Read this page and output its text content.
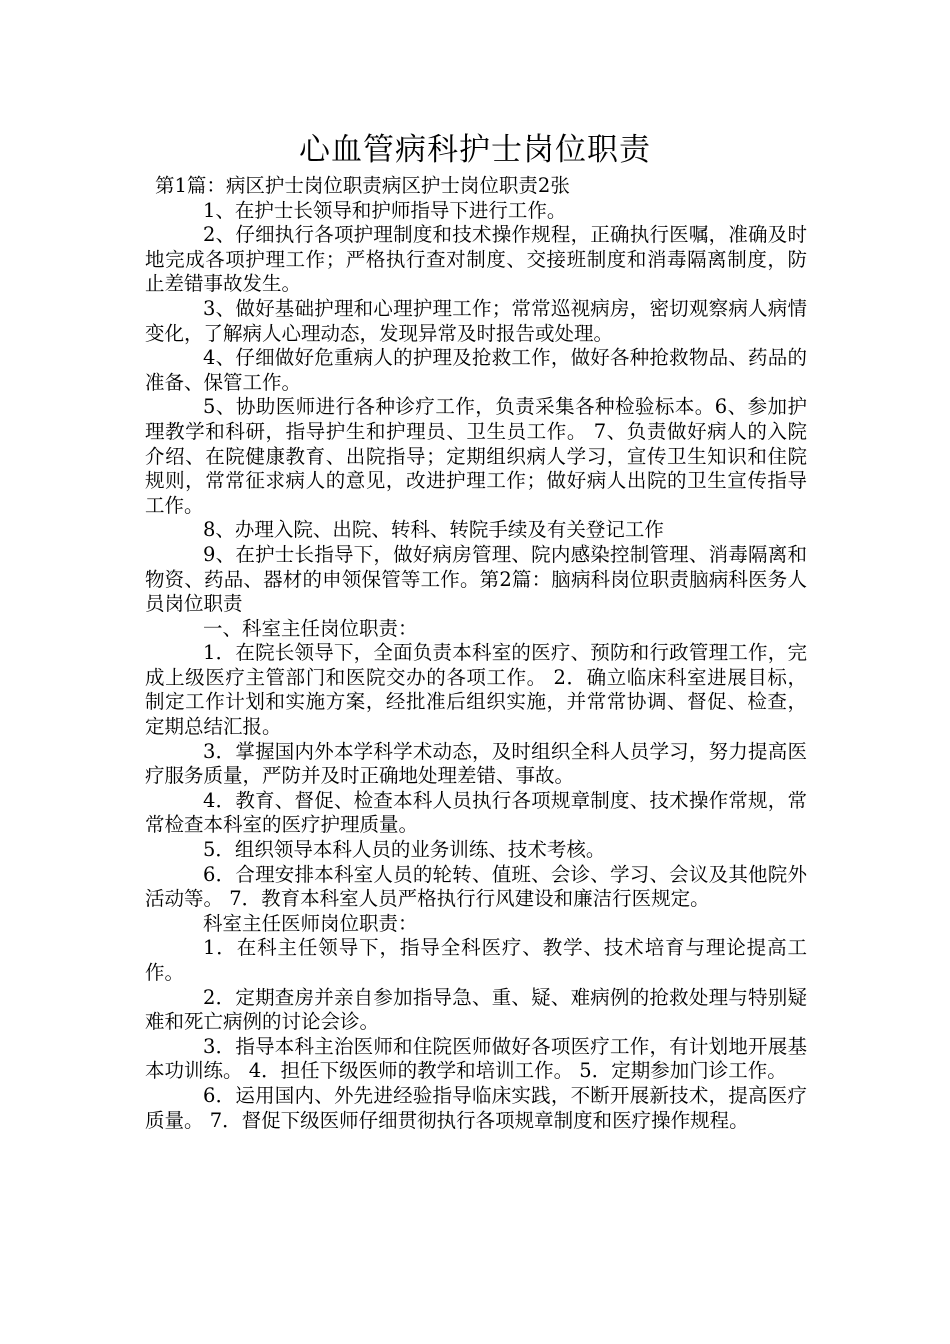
心血管病科护士岗位职责

第1篇：病区护士岗位职责病区护士岗位职责2张

1、在护士长领导和护师指导下进行工作。

2、仔细执行各项护理制度和技术操作规程，正确执行医嘱，准确及时地完成各项护理工作；严格执行查对制度、交接班制度和消毒隔离制度，防止差错事故发生。

3、做好基础护理和心理护理工作；常常巡视病房，密切观察病人病情变化，了解病人心理动态，发现异常及时报告或处理。

4、仔细做好危重病人的护理及抢救工作，做好各种抢救物品、药品的准备、保管工作。

5、协助医师进行各种诊疗工作，负责采集各种检验标本。6、参加护理教学和科研，指导护生和护理员、卫生员工作。 7、负责做好病人的入院介绍、在院健康教育、出院指导；定期组织病人学习，宣传卫生知识和住院规则，常常征求病人的意见，改进护理工作；做好病人出院的卫生宣传指导工作。

8、办理入院、出院、转科、转院手续及有关登记工作

9、在护士长指导下，做好病房管理、院内感染控制管理、消毒隔离和物资、药品、器材的申领保管等工作。第2篇：脑病科岗位职责脑病科医务人员岗位职责

一、科室主任岗位职责：

1．在院长领导下，全面负责本科室的医疗、预防和行政管理工作，完成上级医疗主管部门和医院交办的各项工作。 2．确立临床科室进展目标，制定工作计划和实施方案，经批准后组织实施，并常常协调、督促、检查，定期总结汇报。

3．掌握国内外本学科学术动态，及时组织全科人员学习，努力提高医疗服务质量，严防并及时正确地处理差错、事故。

4．教育、督促、检查本科人员执行各项规章制度、技术操作常规，常常检查本科室的医疗护理质量。

5．组织领导本科人员的业务训练、技术考核。

6．合理安排本科室人员的轮转、值班、会诊、学习、会议及其他院外活动等。 7．教育本科室人员严格执行行风建设和廉洁行医规定。

科室主任医师岗位职责：

1．在科主任领导下，指导全科医疗、教学、技术培育与理论提高工作。

2．定期查房并亲自参加指导急、重、疑、难病例的抢救处理与特别疑难和死亡病例的讨论会诊。

3．指导本科主治医师和住院医师做好各项医疗工作，有计划地开展基本功训练。 4．担任下级医师的教学和培训工作。 5．定期参加门诊工作。

6．运用国内、外先进经验指导临床实践，不断开展新技术，提高医疗质量。 7．督促下级医师仔细贯彻执行各项规章制度和医疗操作规程。
